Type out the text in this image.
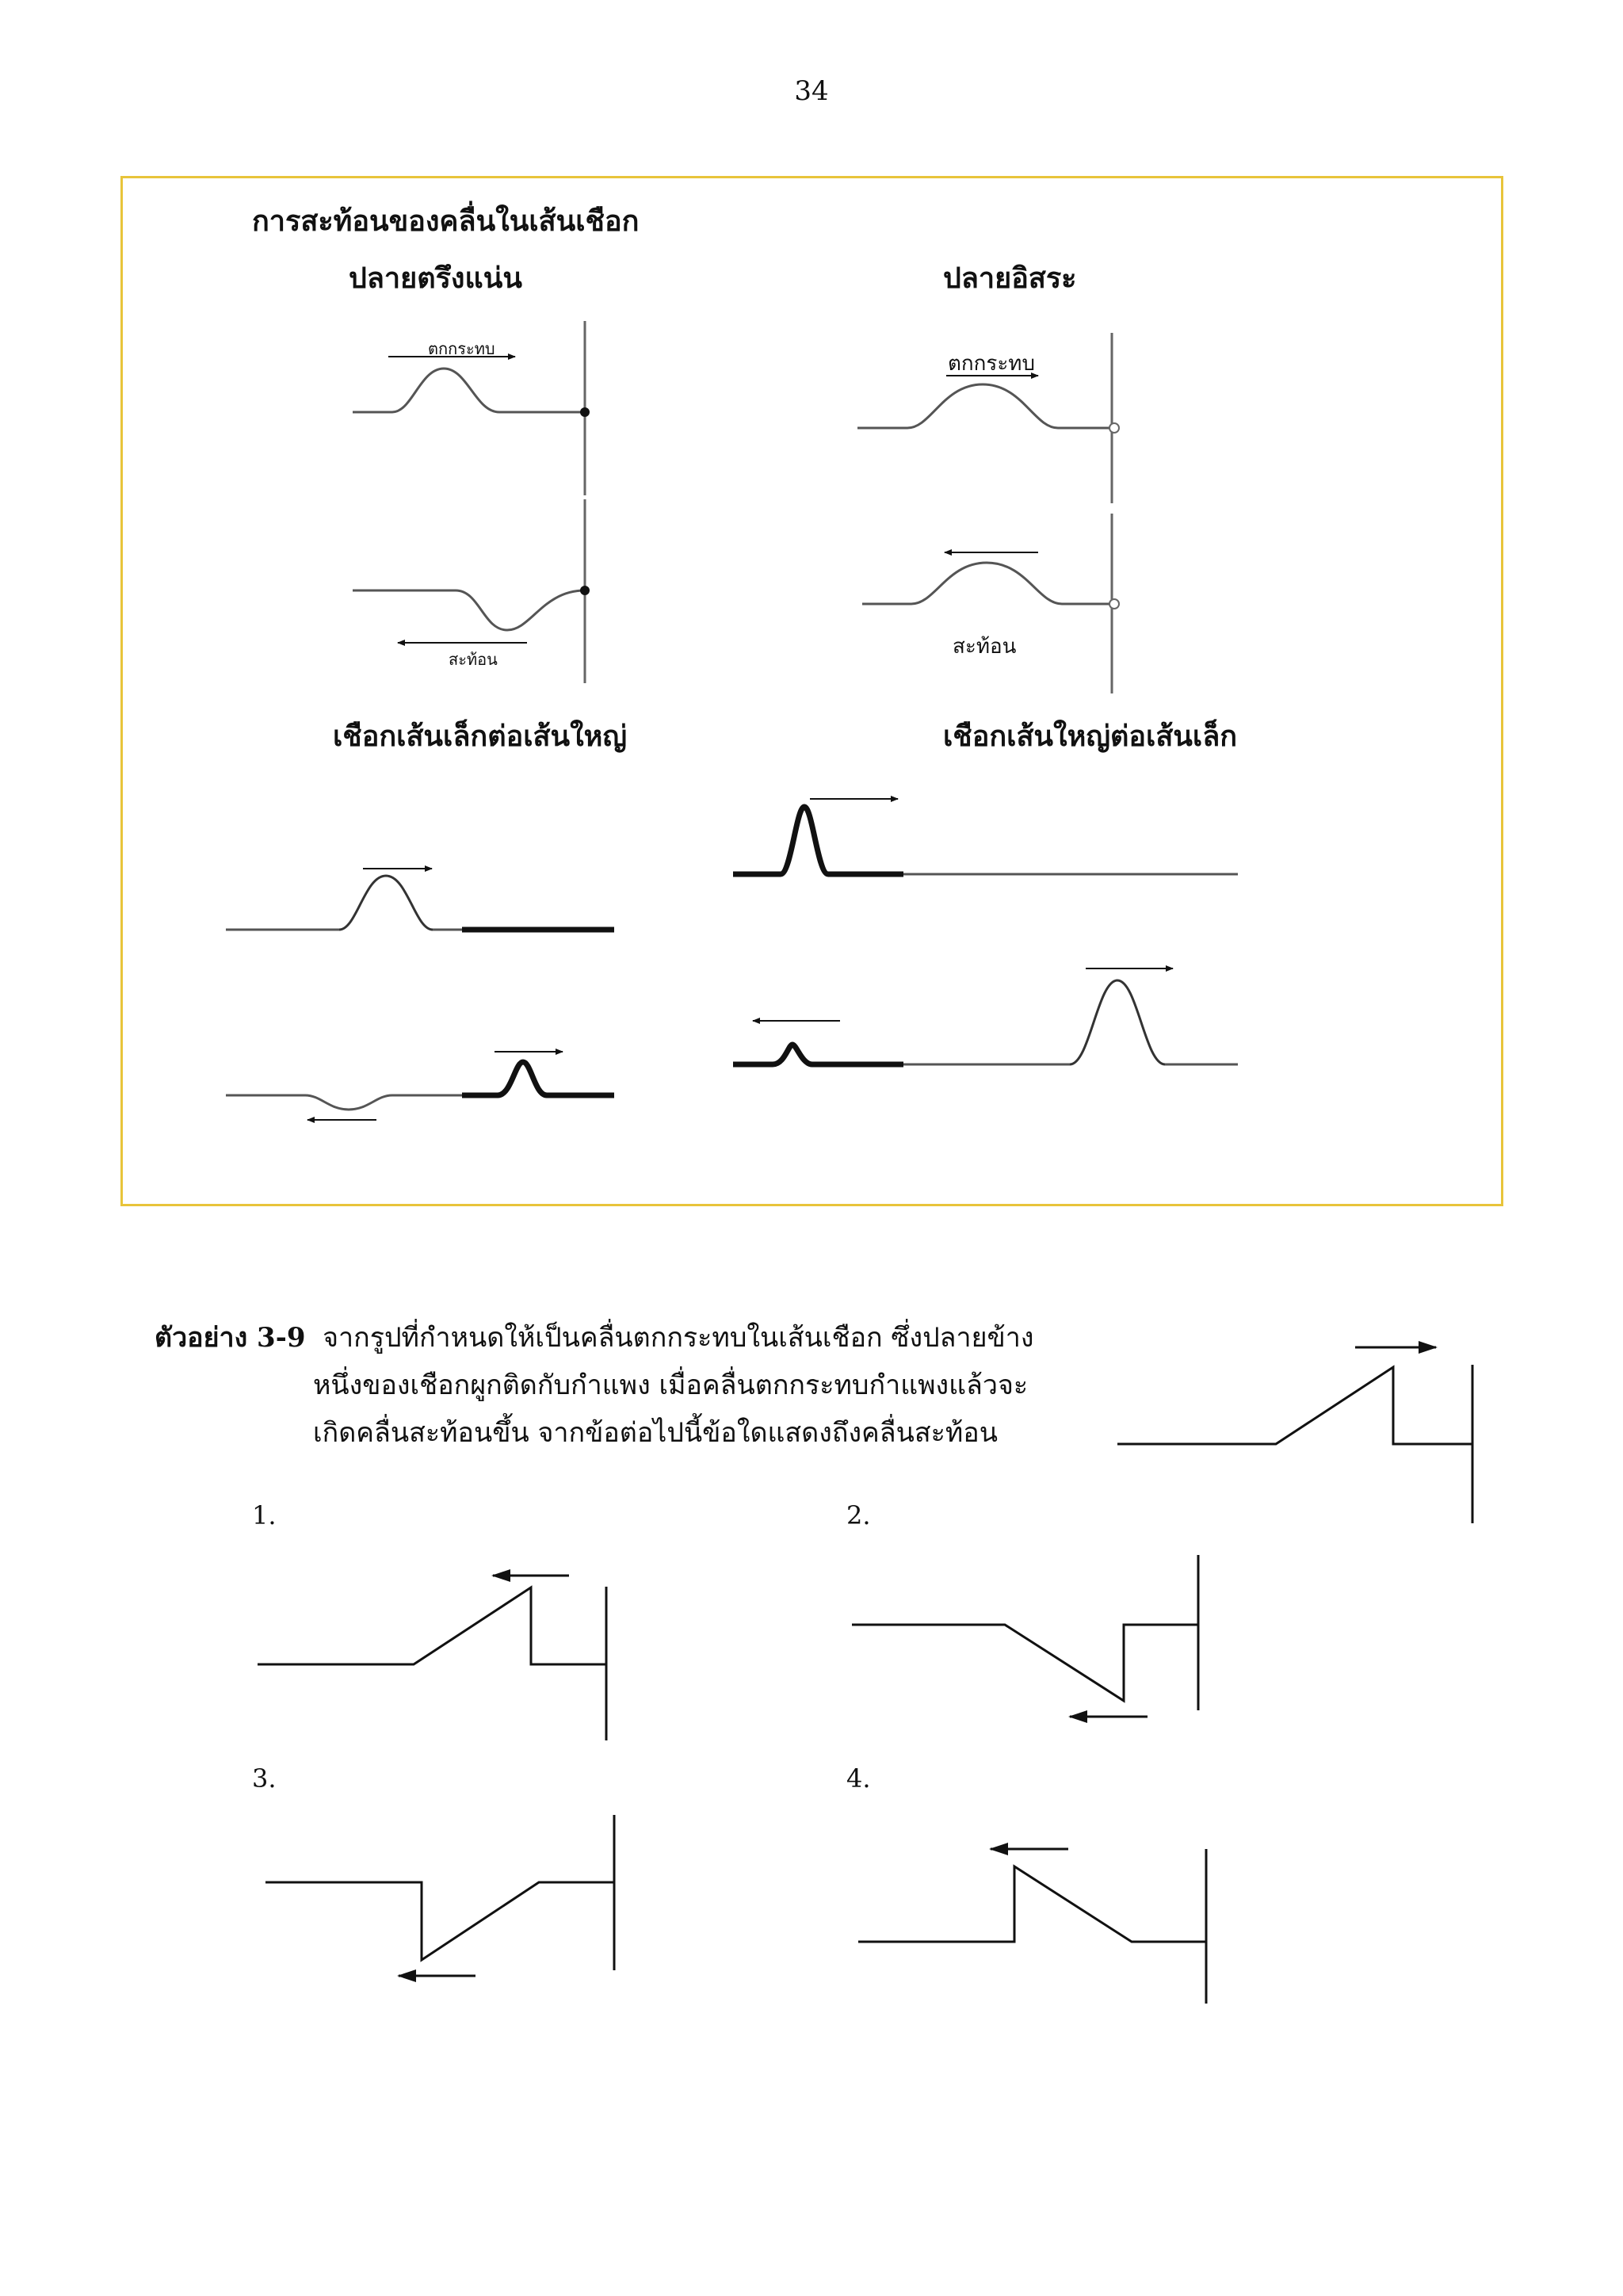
34
การสะท้อนของคลื่นในเส้นเชือก
ปลายตรึงแน่น	ปลายอิสระ
เชือกเส้นเล็กต่อเส้นใหญ่	เชือกเส้นใหญ่ต่อเส้นเล็ก
ตกกระทบ
สะท้อน
ตกกระทบ
สะท้อน
ตัวอย่าง 3-9 จากรูปที่กำหนดให้เป็นคลื่นตกกระทบในเส้นเชือก ซึ่งปลายข้าง
หนึ่งของเชือกผูกติดกับกำแพง เมื่อคลื่นตกกระทบกำแพงแล้วจะ
เกิดคลื่นสะท้อนขึ้น จากข้อต่อไปนี้ข้อใดแสดงถึงคลื่นสะท้อน
1.	2.
3.	4.
